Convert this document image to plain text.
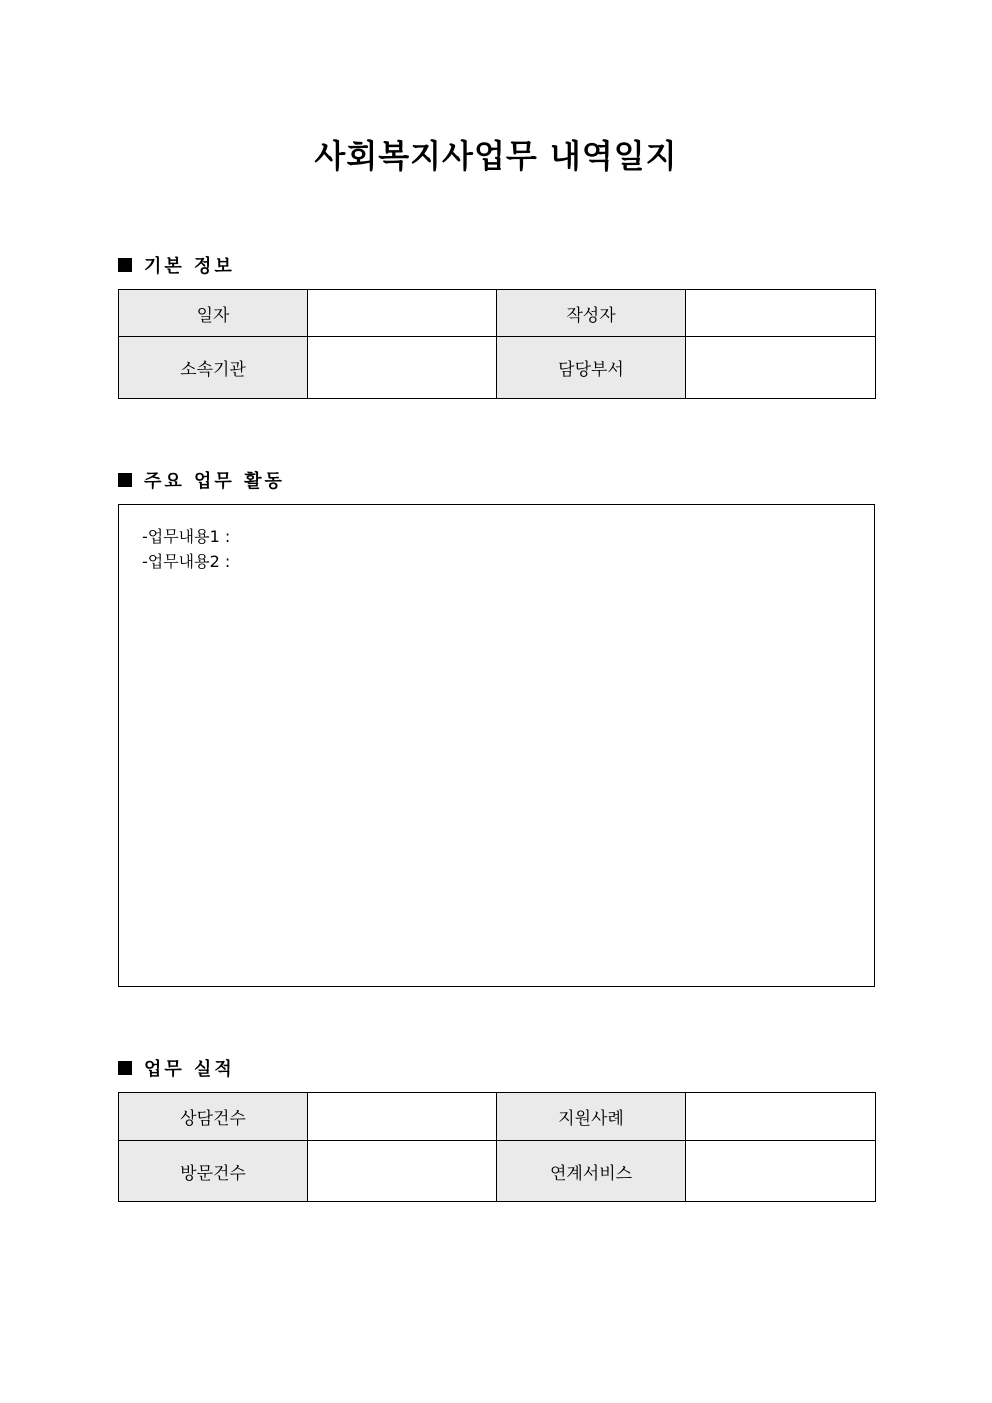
사회복지사업무 내역일지
기본 정보
일자		작성자	
소속기관		담당부서	
주요 업무 활동
-업무내용1 :
-업무내용2 :
업무 실적
상담건수		지원사례	
방문건수		연계서비스	
